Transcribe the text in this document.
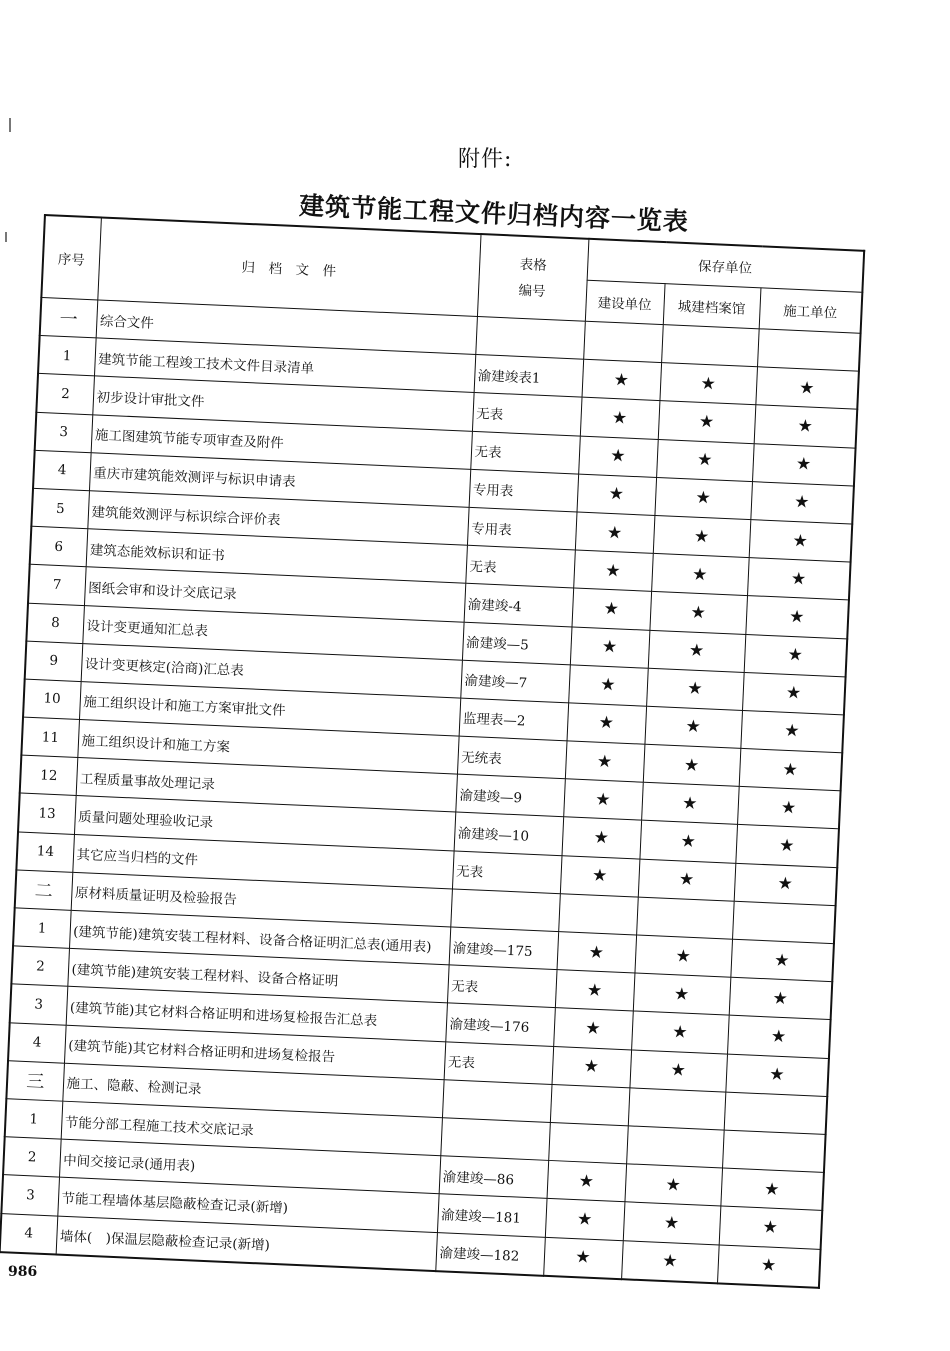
附件:
建筑节能工程文件归档内容一览表
序号	归　档　文　件	表格
编号	保存单位		
			建设单位	城建档案馆	施工单位
一	综合文件				
1	建筑节能工程竣工技术文件目录清单	渝建竣表1	★	★	★
2	初步设计审批文件	无表	★	★	★
3	施工图建筑节能专项审查及附件	无表	★	★	★
4	重庆市建筑能效测评与标识申请表	专用表	★	★	★
5	建筑能效测评与标识综合评价表	专用表	★	★	★
6	建筑态能效标识和证书	无表	★	★	★
7	图纸会审和设计交底记录	渝建竣-4	★	★	★
8	设计变更通知汇总表	渝建竣—5	★	★	★
9	设计变更核定(洽商)汇总表	渝建竣—7	★	★	★
10	施工组织设计和施工方案审批文件	监理表—2	★	★	★
11	施工组织设计和施工方案	无统表	★	★	★
12	工程质量事故处理记录	渝建竣—9	★	★	★
13	质量问题处理验收记录	渝建竣—10	★	★	★
14	其它应当归档的文件	无表	★	★	★
二	原材料质量证明及检验报告				
1	(建筑节能)建筑安装工程材料、设备合格证明汇总表(通用表)	渝建竣—175	★	★	★
2	(建筑节能)建筑安装工程材料、设备合格证明	无表	★	★	★
3	(建筑节能)其它材料合格证明和进场复检报告汇总表	渝建竣—176	★	★	★
4	(建筑节能)其它材料合格证明和进场复检报告	无表	★	★	★
三	施工、隐蔽、检测记录				
1	节能分部工程施工技术交底记录				
2	中间交接记录(通用表)	渝建竣—86	★	★	★
3	节能工程墙体基层隐蔽检查记录(新增)	渝建竣—181	★	★	★
4	墙体(　)保温层隐蔽检查记录(新增)	渝建竣—182	★	★	★
986
